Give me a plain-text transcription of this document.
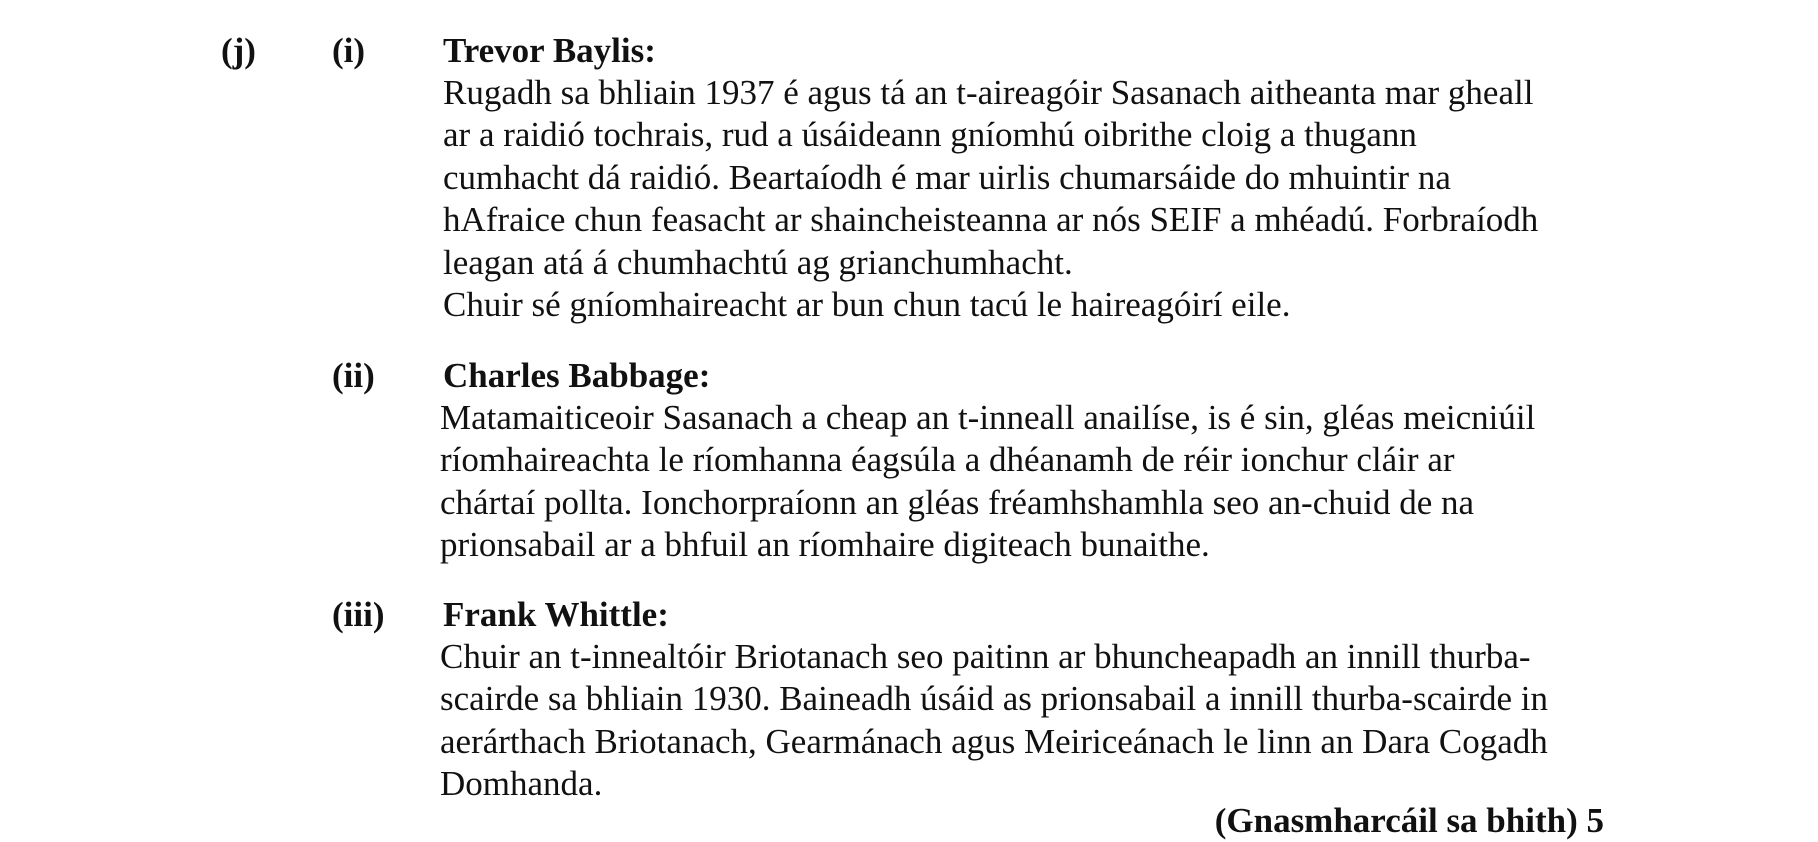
(j) (i) Trevor Baylis:
Rugadh sa bhliain 1937 é agus tá an t-aireagóir Sasanach aitheanta mar gheall
ar a raidió tochrais, rud a úsáideann gníomhú oibrithe cloig a thugann
cumhacht dá raidió. Beartaíodh é mar uirlis chumarsáide do mhuintir na
hAfraice chun feasacht ar shaincheisteanna ar nós SEIF a mhéadú. Forbraíodh
leagan atá á chumhachtú ag grianchumhacht.
Chuir sé gníomhaireacht ar bun chun tacú le haireagóirí eile.
(ii) Charles Babbage:
Matamaiticeoir Sasanach a cheap an t-inneall anailíse, is é sin, gléas meicniúil
ríomhaireachta le ríomhanna éagsúla a dhéanamh de réir ionchur cláir ar
chártaí pollta. Ionchorpraíonn an gléas fréamhshamhla seo an-chuid de na
prionsabail ar a bhfuil an ríomhaire digiteach bunaithe.
(iii) Frank Whittle:
Chuir an t-innealtóir Briotanach seo paitinn ar bhuncheapadh an innill thurba-
scairde sa bhliain 1930. Baineadh úsáid as prionsabail a innill thurba-scairde in
aerárthach Briotanach, Gearmánach agus Meiriceánach le linn an Dara Cogadh
Domhanda.
(Gnasmharcáil sa bhith) 5
